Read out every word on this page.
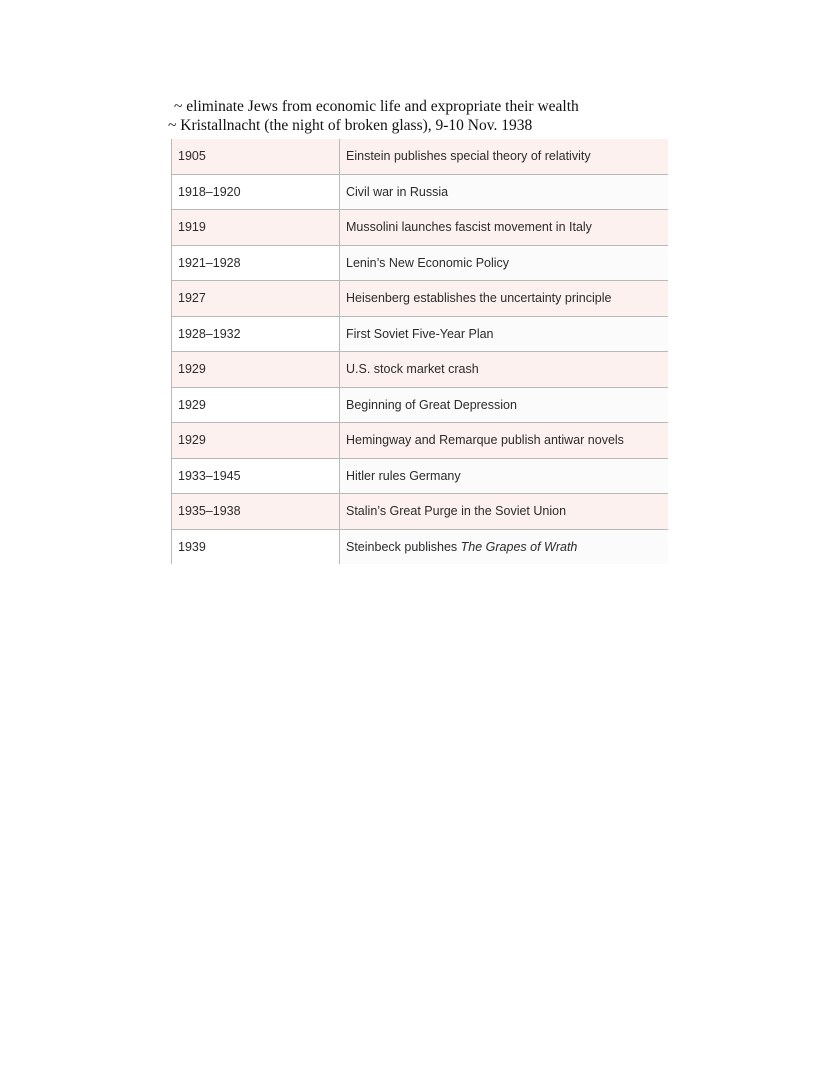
~ eliminate Jews from economic life and expropriate their wealth
~ Kristallnacht (the night of broken glass), 9-10 Nov. 1938
1905	Einstein publishes special theory of relativity
1918–1920	Civil war in Russia
1919	Mussolini launches fascist movement in Italy
1921–1928	Lenin’s New Economic Policy
1927	Heisenberg establishes the uncertainty principle
1928–1932	First Soviet Five-Year Plan
1929	U.S. stock market crash
1929	Beginning of Great Depression
1929	Hemingway and Remarque publish antiwar novels
1933–1945	Hitler rules Germany
1935–1938	Stalin’s Great Purge in the Soviet Union
1939	Steinbeck publishes The Grapes of Wrath
